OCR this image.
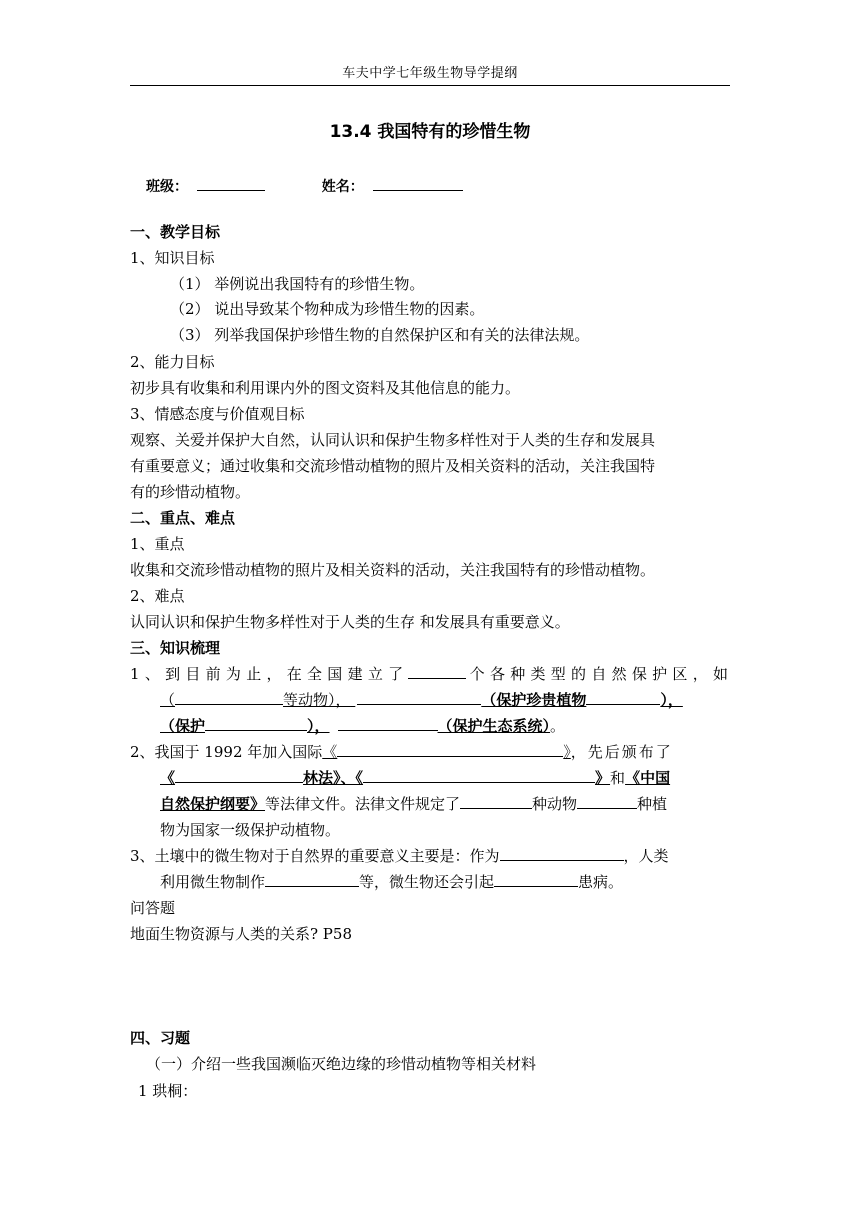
车夫中学七年级生物导学提纲
13.4 我国特有的珍惜生物
班级：	姓名：
一、教学目标
1、知识目标
（1） 举例说出我国特有的珍惜生物。
（2） 说出导致某个物种成为珍惜生物的因素。
（3） 列举我国保护珍惜生物的自然保护区和有关的法律法规。
2、能力目标
初步具有收集和利用课内外的图文资料及其他信息的能力。
3、情感态度与价值观目标
观察、关爱并保护大自然，认同认识和保护生物多样性对于人类的生存和发展具
有重要意义；通过收集和交流珍惜动植物的照片及相关资料的活动，关注我国特
有的珍惜动植物。
二、重点、难点
1、重点
收集和交流珍惜动植物的照片及相关资料的活动，关注我国特有的珍惜动植物。
2、难点
认同认识和保护生物多样性对于人类的生存 和发展具有重要意义。
三、知识梳理
1、到目前为止，在全国建立了	个各种类型的自然保护区，如
（	等动物），	（保护珍贵植物	），
（保护	），	（保护生态系统）。
2、我国于 1992 年加入国际《	》，先后颁布了
《	林法》、《	》和《中国
自然保护纲要》等法律文件。法律文件规定了	种动物	种植
物为国家一级保护动植物。
3、土壤中的微生物对于自然界的重要意义主要是：作为	，人类
利用微生物制作	等，微生物还会引起	患病。
问答题
地面生物资源与人类的关系? P58
四、习题
（一）介绍一些我国濒临灭绝边缘的珍惜动植物等相关材料
1 珙桐：
